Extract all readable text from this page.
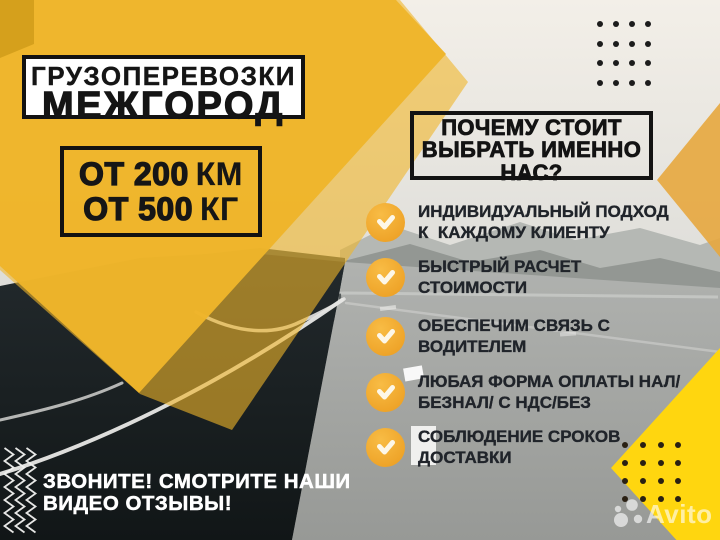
ГРУЗОПЕРЕВОЗКИ
МЕЖГОРОД
ОТ 200 КМ
ОТ 500 КГ
ПОЧЕМУ СТОИТ
ВЫБРАТЬ ИМЕННО
НАС?
ИНДИВИДУАЛЬНЫЙ ПОДХОД
К  КАЖДОМУ КЛИЕНТУ
БЫСТРЫЙ РАСЧЕТ
СТОИМОСТИ
ОБЕСПЕЧИМ СВЯЗЬ С
ВОДИТЕЛЕМ
ЛЮБАЯ ФОРМА ОПЛАТЫ НАЛ/
БЕЗНАЛ/ С НДС/БЕЗ
СОБЛЮДЕНИЕ СРОКОВ
ДОСТАВКИ
ЗВОНИТЕ! СМОТРИТЕ НАШИ
ВИДЕО ОТЗЫВЫ!	Avito
